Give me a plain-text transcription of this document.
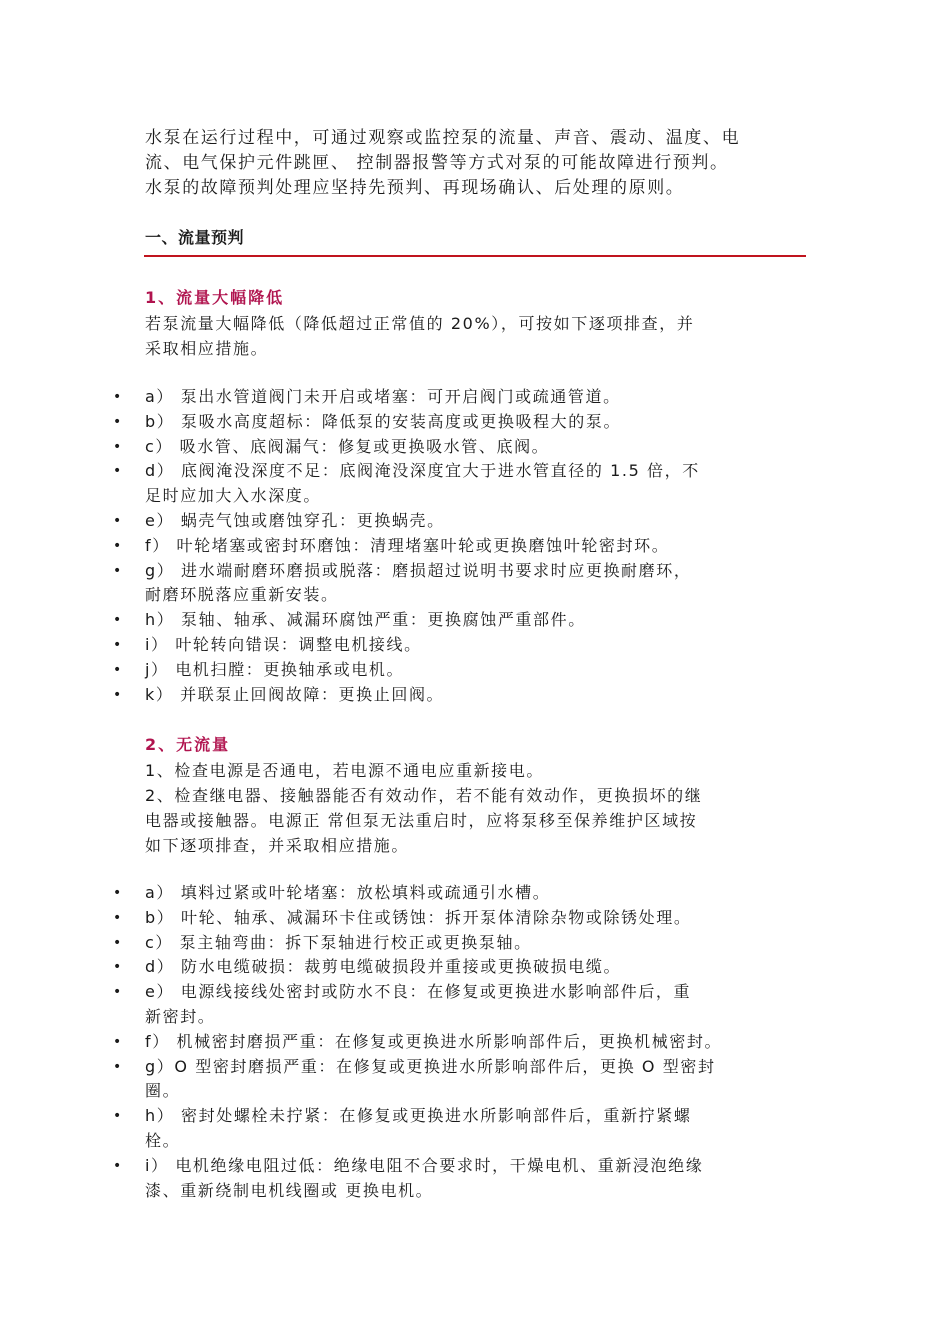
水泵在运行过程中，可通过观察或监控泵的流量、声音、震动、温度、电
流、电气保护元件跳匣、 控制器报警等方式对泵的可能故障进行预判。
水泵的故障预判处理应坚持先预判、再现场确认、后处理的原则。
一、流量预判
1、流量大幅降低
若泵流量大幅降低（降低超过正常值的 20%），可按如下逐项排查，并
采取相应措施。
• a） 泵出水管道阀门未开启或堵塞：可开启阀门或疏通管道。
• b） 泵吸水高度超标：降低泵的安装高度或更换吸程大的泵。
• c） 吸水管、底阀漏气：修复或更换吸水管、底阀。
• d） 底阀淹没深度不足：底阀淹没深度宜大于进水管直径的 1.5 倍，不
足时应加大入水深度。
• e） 蜗壳气蚀或磨蚀穿孔：更换蜗壳。
• f） 叶轮堵塞或密封环磨蚀：清理堵塞叶轮或更换磨蚀叶轮密封环。
• g） 进水端耐磨环磨损或脱落：磨损超过说明书要求时应更换耐磨环，
耐磨环脱落应重新安装。
• h） 泵轴、轴承、减漏环腐蚀严重：更换腐蚀严重部件。
• i） 叶轮转向错误：调整电机接线。
• j） 电机扫膛：更换轴承或电机。
• k） 并联泵止回阀故障：更换止回阀。
2、无流量
1、检查电源是否通电，若电源不通电应重新接电。
2、检查继电器、接触器能否有效动作，若不能有效动作，更换损坏的继
电器或接触器。电源正 常但泵无法重启时，应将泵移至保养维护区域按
如下逐项排查，并采取相应措施。
• a） 填料过紧或叶轮堵塞：放松填料或疏通引水槽。
• b） 叶轮、轴承、减漏环卡住或锈蚀：拆开泵体清除杂物或除锈处理。
• c） 泵主轴弯曲：拆下泵轴进行校正或更换泵轴。
• d） 防水电缆破损：裁剪电缆破损段并重接或更换破损电缆。
• e） 电源线接线处密封或防水不良：在修复或更换进水影响部件后，重
新密封。
• f） 机械密封磨损严重：在修复或更换进水所影响部件后，更换机械密封。
• g）O 型密封磨损严重：在修复或更换进水所影响部件后，更换 O 型密封
圈。
• h） 密封处螺栓未拧紧：在修复或更换进水所影响部件后，重新拧紧螺
栓。
• i） 电机绝缘电阻过低：绝缘电阻不合要求时，干燥电机、重新浸泡绝缘
漆、重新绕制电机线圈或 更换电机。
